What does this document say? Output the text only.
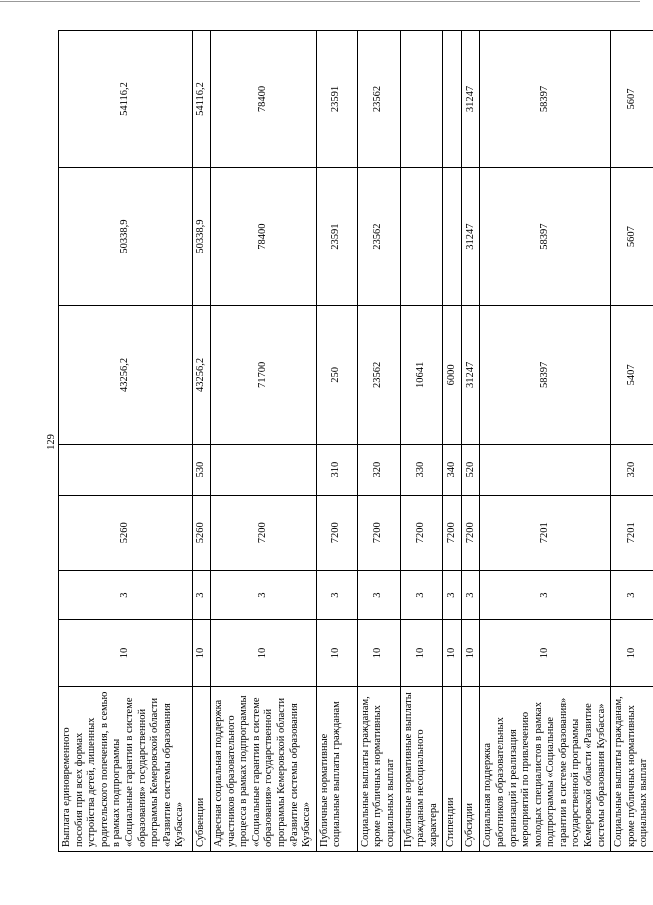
129
Выплата единовременного пособия при всех формах устройства детей, лишенных родительского попечения, в семью в рамках подпрограммы «Социальные гарантии в системе образования» государственной программы Кемеровской области «Развитие системы образования Кузбасса»	10	3	5260		43256,2	50338,9	54116,2
Субвенции	10	3	5260	530	43256,2	50338,9	54116,2
Адресная социальная поддержка участников образовательного процесса в рамках подпрограммы «Социальные гарантии в системе образования» государственной программы Кемеровской области «Развитие системы образования Кузбасса»	10	3	7200		71700	78400	78400
Публичные нормативные социальные выплаты гражданам	10	3	7200	310	250	23591	23591
Социальные выплаты гражданам, кроме публичных нормативных социальных выплат	10	3	7200	320	23562	23562	23562
Публичные нормативные выплаты гражданам несоциального характера	10	3	7200	330	10641		
Стипендии	10	3	7200	340	6000		
Субсидии	10	3	7200	520	31247	31247	31247
Социальная поддержка работников образовательных организаций и реализация мероприятий по привлечению молодых специалистов в рамках подпрограммы «Социальные гарантии в системе образования» государственной программы Кемеровской области «Развитие системы образования Кузбасса»	10	3	7201		58397	58397	58397
Социальные выплаты гражданам, кроме публичных нормативных социальных выплат	10	3	7201	320	5407	5607	5607
